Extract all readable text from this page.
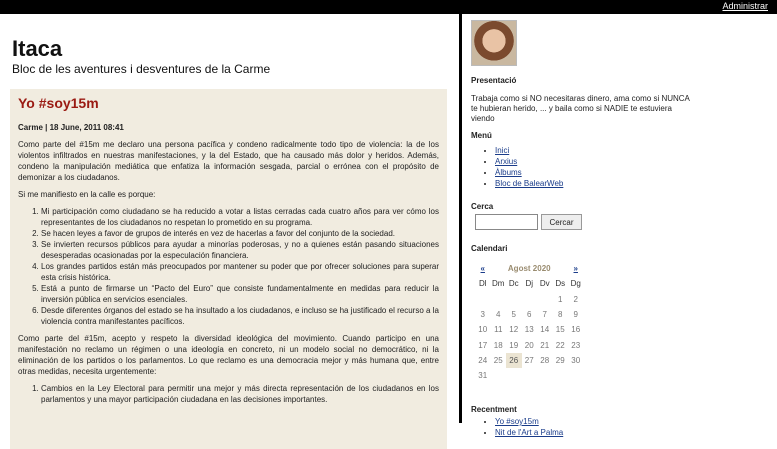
Administrar
Itaca
Bloc de les aventures i desventures de la Carme
Yo #soy15m
Carme | 18 June, 2011 08:41

Como parte del #15m me declaro una persona pacífica y condeno radicalmente todo tipo de violencia: la de los violentos infiltrados en nuestras manifestaciones, y la del Estado, que ha causado más dolor y heridos. Además, condeno la manipulación mediática que enfatiza la información sesgada, parcial o errónea con el propósito de demonizar a los ciudadanos.

Si me manifiesto en la calle es porque:

1. Mi participación como ciudadano se ha reducido a votar a listas cerradas cada cuatro años para ver cómo los representantes de los ciudadanos no respetan lo prometido en su programa.
2. Se hacen leyes a favor de grupos de interés en vez de hacerlas a favor del conjunto de la sociedad.
3. Se invierten recursos públicos para ayudar a minorías poderosas, y no a quienes están pasando situaciones desesperadas ocasionadas por la especulación financiera.
4. Los grandes partidos están más preocupados por mantener su poder que por ofrecer soluciones para superar esta crisis histórica.
5. Está a punto de firmarse un “Pacto del Euro” que consiste fundamentalmente en medidas para reducir la inversión pública en servicios esenciales.
6. Desde diferentes órganos del estado se ha insultado a los ciudadanos, e incluso se ha justificado el recurso a la violencia contra manifestantes pacíficos.

Como parte del #15m, acepto y respeto la diversidad ideológica del movimiento. Cuando participo en una manifestación no reclamo un régimen o una ideología en concreto, ni un modelo social no democrático, ni la eliminación de los partidos o los parlamentos. Lo que reclamo es una democracia mejor y más humana que, entre otras medidas, necesita urgentemente:

1. Cambios en la Ley Electoral para permitir una mejor y más directa representación de los ciudadanos en los parlamentos y una mayor participación ciudadana en las decisiones importantes.
Presentació
Trabaja como si NO necesitaras dinero, ama como si NUNCA te hubieran herido, ... y baila como si NADIE te estuviera viendo
Menú
• Inici
• Arxius
• Àlbums
• Bloc de BalearWeb
Cerca
Cercar
Calendari
«	Agost 2020					»
Dl	Dm	Dc	Dj	Dv	Ds	Dg
					1	2
3	4	5	6	7	8	9
10	11	12	13	14	15	16
17	18	19	20	21	22	23
24	25	26	27	28	29	30
31						
Recentment
• Yo #soy15m
• Nit de l'Art a Palma
